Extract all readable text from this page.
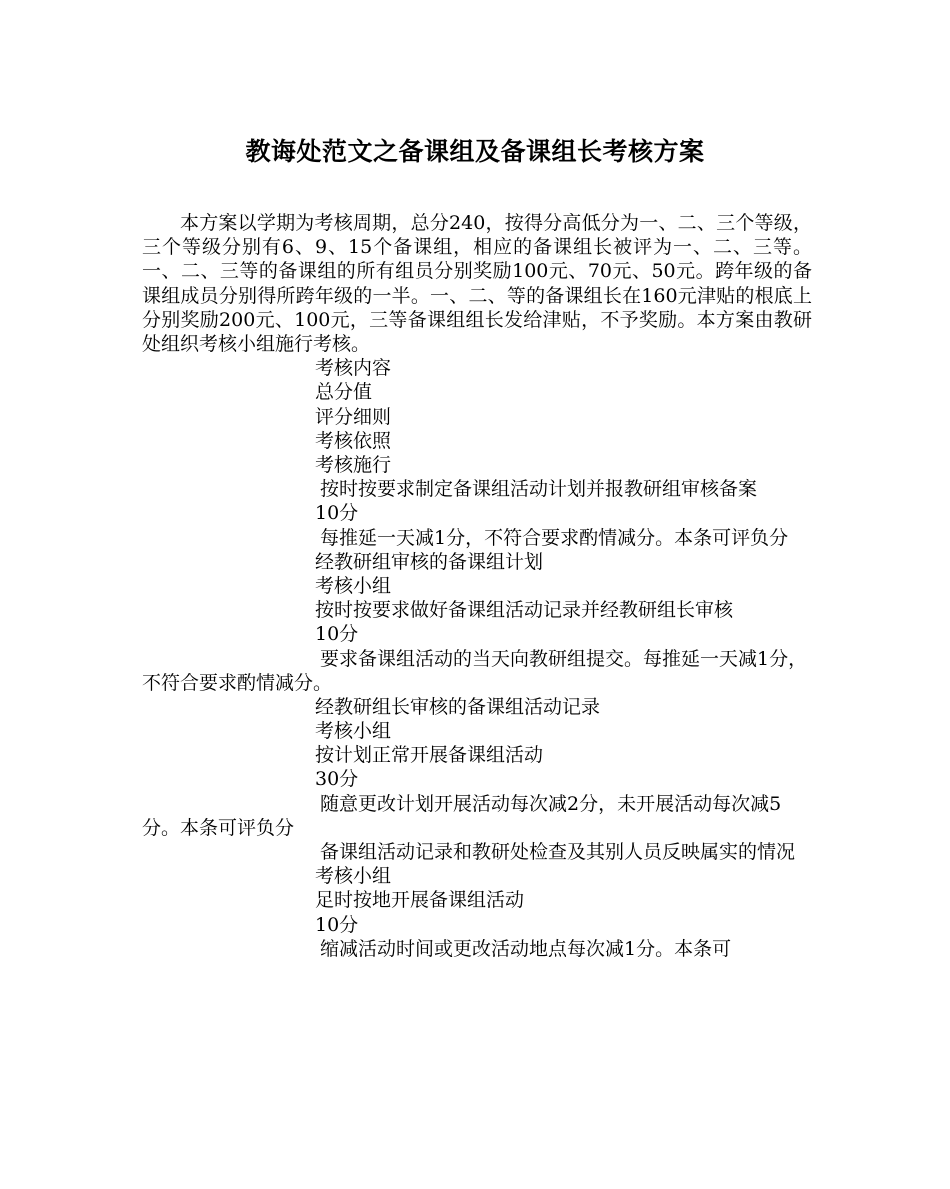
教诲处范文之备课组及备课组长考核方案

本方案以学期为考核周期，总分240，按得分高低分为一、二、三个等级，三个等级分别有6、9、15个备课组，相应的备课组长被评为一、二、三等。一、二、三等的备课组的所有组员分别奖励100元、70元、50元。跨年级的备课组成员分别得所跨年级的一半。一、二、等的备课组长在160元津贴的根底上分别奖励200元、100元，三等备课组组长发给津贴，不予奖励。本方案由教研处组织考核小组施行考核。

考核内容
总分值
评分细则
考核依照
考核施行

按时按要求制定备课组活动计划并报教研组审核备案

10分

每推延一天减1分，不符合要求酌情减分。本条可评负分

经教研组审核的备课组计划
考核小组
按时按要求做好备课组活动记录并经教研组长审核
10分

要求备课组活动的当天向教研组提交。每推延一天减1分，不符合要求酌情减分。

经教研组长审核的备课组活动记录
考核小组
按计划正常开展备课组活动
30分

随意更改计划开展活动每次减2分，未开展活动每次减5分。本条可评负分

备课组活动记录和教研处检查及其别人员反映属实的情况

考核小组
足时按地开展备课组活动
10分

缩减活动时间或更改活动地点每次减1分。本条可
